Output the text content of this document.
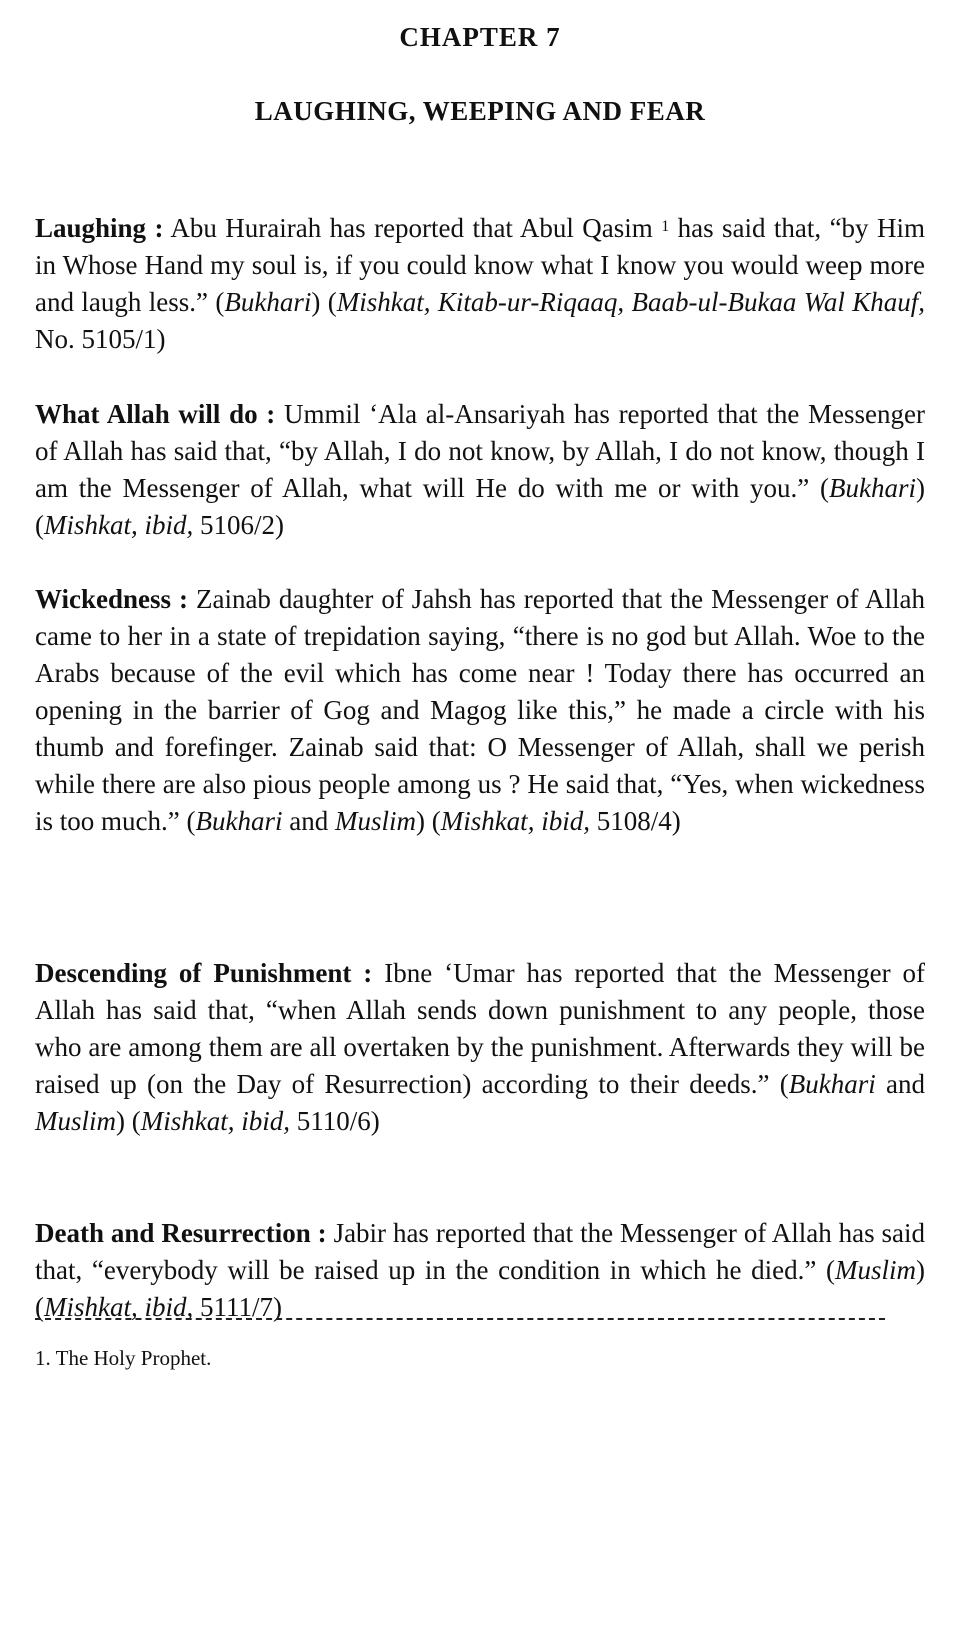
CHAPTER 7
LAUGHING, WEEPING AND FEAR

Laughing : Abu Hurairah has reported that Abul Qasim $^1$ has said that, “by Him in Whose Hand my soul is, if you could know what I know you would weep more and laugh less.” (Bukhari) (Mishkat, Kitab-ur-Riqaaq, Baab-ul-Bukaa Wal Khauf, No. 5105/1)

What Allah will do : Ummil ‘Ala al-Ansariyah has reported that the Messenger of Allah has said that, “by Allah, I do not know, by Allah, I do not know, though I am the Messenger of Allah, what will He do with me or with you.” (Bukhari) (Mishkat, ibid, 5106/2)

Wickedness : Zainab daughter of Jahsh has reported that the Messenger of Allah came to her in a state of trepidation saying, “there is no god but Allah. Woe to the Arabs because of the evil which has come near ! Today there has occurred an opening in the barrier of Gog and Magog like this,” he made a circle with his thumb and forefinger. Zainab said that: O Messenger of Allah, shall we perish while there are also pious people among us ? He said that, “Yes, when wickedness is too much.” (Bukhari and Muslim) (Mishkat, ibid, 5108/4)

Descending of Punishment : Ibne ‘Umar has reported that the Messenger of Allah has said that, “when Allah sends down punishment to any people, those who are among them are all overtaken by the punishment. Afterwards they will be raised up (on the Day of Resurrection) according to their deeds.” (Bukhari and Muslim) (Mishkat, ibid, 5110/6)

Death and Resurrection : Jabir has reported that the Messenger of Allah has said that, “everybody will be raised up in the condition in which he died.” (Muslim) (Mishkat, ibid, 5111/7)

1. The Holy Prophet.
